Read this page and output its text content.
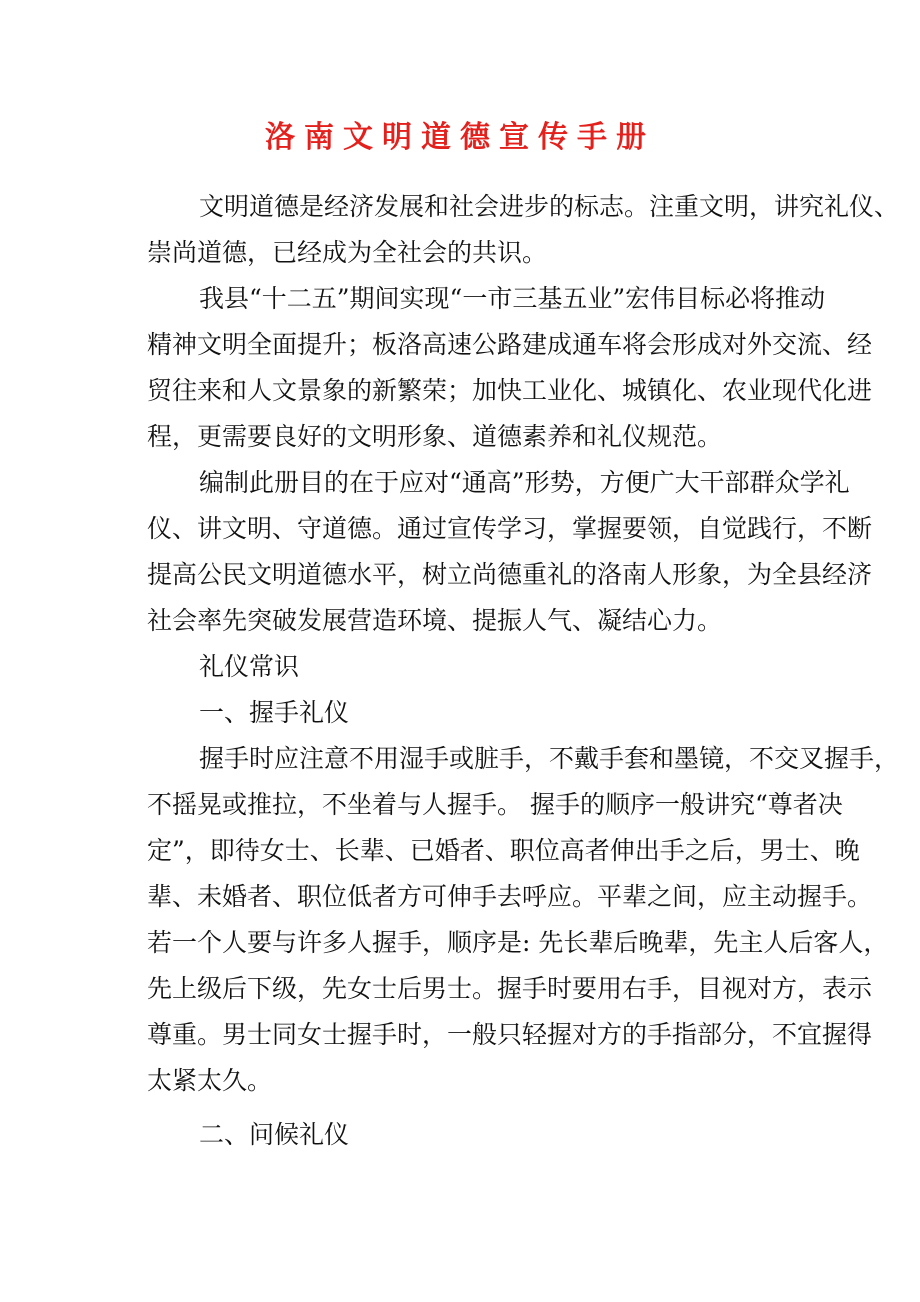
洛南文明道德宣传手册
文明道德是经济发展和社会进步的标志。注重文明，讲究礼仪、
崇尚道德，已经成为全社会的共识。
我县“十二五”期间实现“一市三基五业”宏伟目标必将推动
精神文明全面提升；板洛高速公路建成通车将会形成对外交流、经
贸往来和人文景象的新繁荣；加快工业化、城镇化、农业现代化进
程，更需要良好的文明形象、道德素养和礼仪规范。
编制此册目的在于应对“通高”形势，方便广大干部群众学礼
仪、讲文明、守道德。通过宣传学习，掌握要领，自觉践行，不断
提高公民文明道德水平，树立尚德重礼的洛南人形象，为全县经济
社会率先突破发展营造环境、提振人气、凝结心力。
礼仪常识
一、握手礼仪
握手时应注意不用湿手或脏手，不戴手套和墨镜，不交叉握手，
不摇晃或推拉，不坐着与人握手。 握手的顺序一般讲究“尊者决
定”，即待女士、长辈、已婚者、职位高者伸出手之后，男士、晚
辈、未婚者、职位低者方可伸手去呼应。平辈之间，应主动握手。
若一个人要与许多人握手，顺序是: 先长辈后晚辈，先主人后客人，
先上级后下级，先女士后男士。握手时要用右手，目视对方，表示
尊重。男士同女士握手时，一般只轻握对方的手指部分，不宜握得
太紧太久。
二、问候礼仪
